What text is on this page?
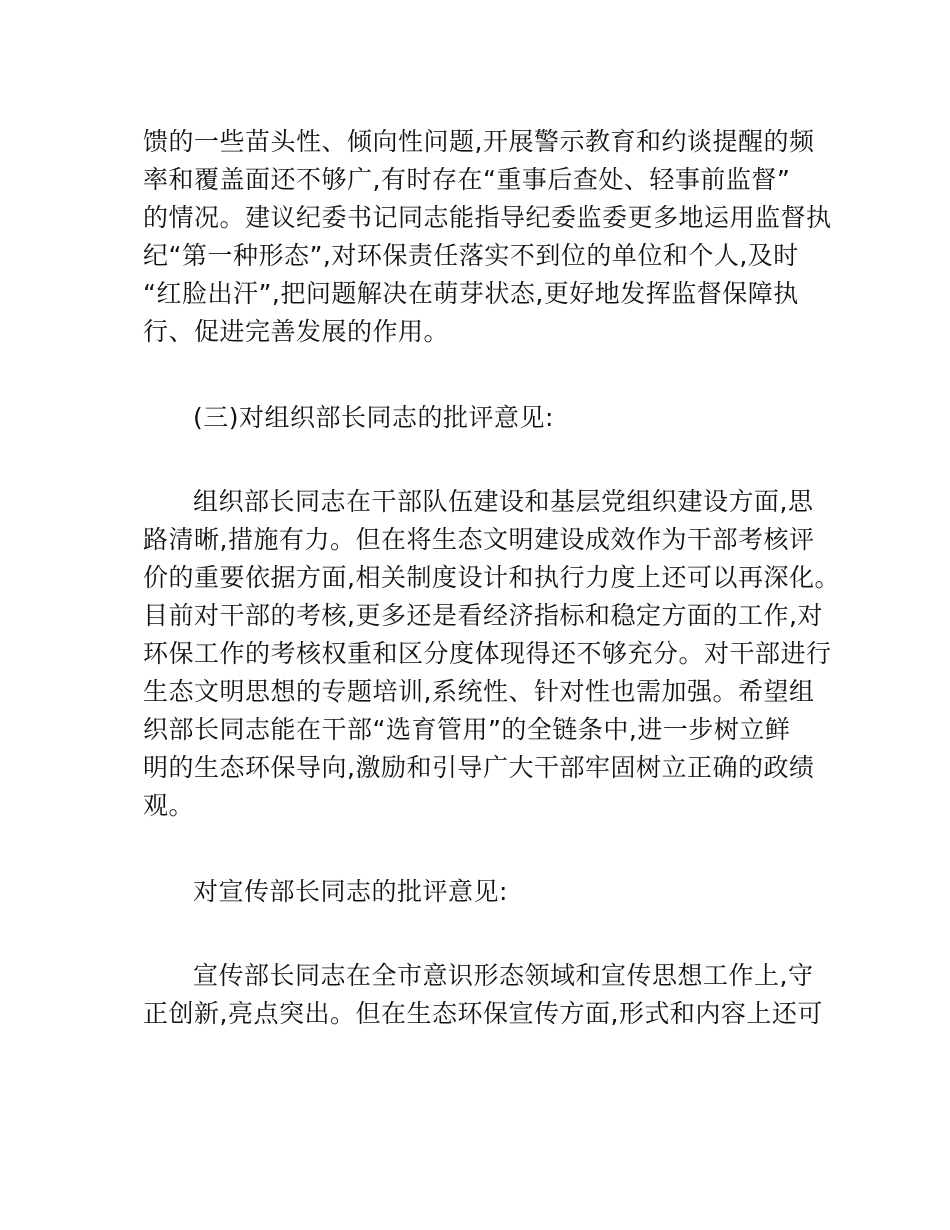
馈的一些苗头性、倾向性问题,开展警示教育和约谈提醒的频
率和覆盖面还不够广,有时存在“重事后查处、轻事前监督”
的情况。建议纪委书记同志能指导纪委监委更多地运用监督执
纪“第一种形态”,对环保责任落实不到位的单位和个人,及时
“红脸出汗”,把问题解决在萌芽状态,更好地发挥监督保障执
行、促进完善发展的作用。
(三)对组织部长同志的批评意见:
组织部长同志在干部队伍建设和基层党组织建设方面,思
路清晰,措施有力。但在将生态文明建设成效作为干部考核评
价的重要依据方面,相关制度设计和执行力度上还可以再深化。
目前对干部的考核,更多还是看经济指标和稳定方面的工作,对
环保工作的考核权重和区分度体现得还不够充分。对干部进行
生态文明思想的专题培训,系统性、针对性也需加强。希望组
织部长同志能在干部“选育管用”的全链条中,进一步树立鲜
明的生态环保导向,激励和引导广大干部牢固树立正确的政绩
观。
对宣传部长同志的批评意见:
宣传部长同志在全市意识形态领域和宣传思想工作上,守
正创新,亮点突出。但在生态环保宣传方面,形式和内容上还可
